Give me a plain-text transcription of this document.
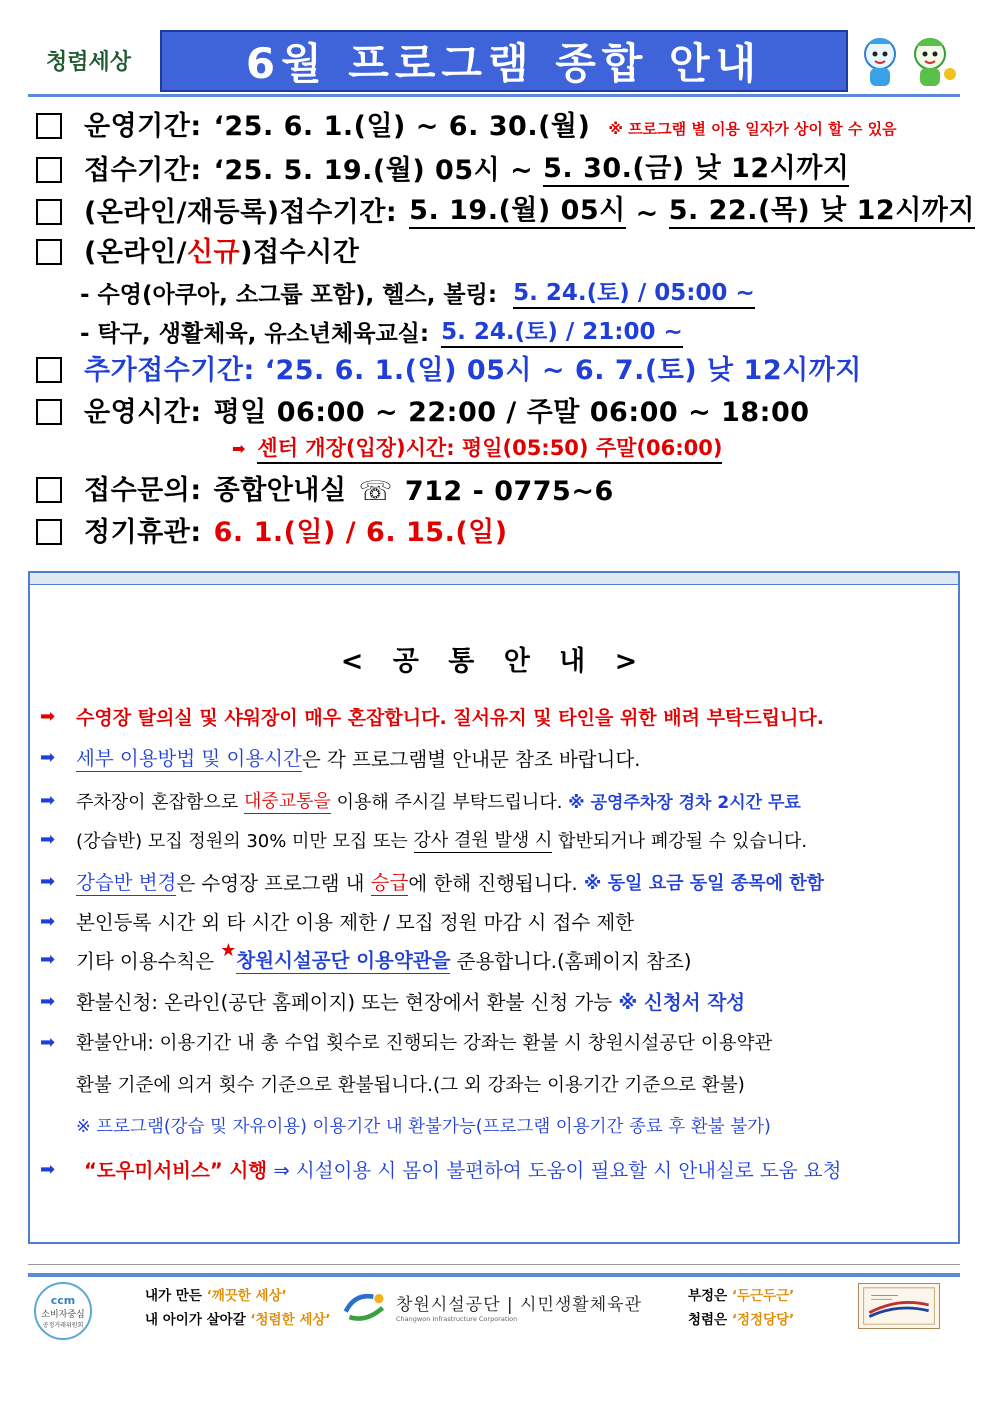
청렴세상	6월 프로그램 종합 안내
운영기간: ‘25. 6. 1.(일) ~ 6. 30.(월) ※ 프로그램 별 이용 일자가 상이 할 수 있음
접수기간: ‘25. 5. 19.(월) 05시 ~ 5. 30.(금) 낮 12시까지
(온라인/재등록)접수기간: 5. 19.(월) 05시 ~ 5. 22.(목) 낮 12시까지
(온라인/ 신규 )접수시간
- 수영(아쿠아, 소그룹 포함), 헬스, 볼링: 5. 24.(토) / 05:00 ~
- 탁구, 생활체육, 유소년체육교실: 5. 24.(토) / 21:00 ~
추가접수기간: ‘25. 6. 1.(일) 05시 ~ 6. 7.(토) 낮 12시까지
운영시간: 평일 06:00 ~ 22:00 / 주말 06:00 ~ 18:00
➡ 센터 개장(입장)시간: 평일(05:50) 주말(06:00)
접수문의: 종합안내실 ☏ 712 - 0775~6
정기휴관: 6. 1.(일) / 6. 15.(일)
< 공 통 안 내 >
➡	수영장 탈의실 및 샤워장이 매우 혼잡합니다. 질서유지 및 타인을 위한 배려 부탁드립니다.
➡	세부 이용방법 및 이용시간 은 각 프로그램별 안내문 참조 바랍니다.
➡	주차장이 혼잡함으로 대중교통을 이용해 주시길 부탁드립니다. ※ 공영주차장 경차 2시간 무료
➡	(강습반) 모집 정원의 30% 미만 모집 또는 강사 결원 발생 시 합반되거나 폐강될 수 있습니다.
➡	강습반 변경 은 수영장 프로그램 내 승급 에 한해 진행됩니다. ※ 동일 요금 동일 종목에 한함
➡	본인등록 시간 외 타 시간 이용 제한 / 모집 정원 마감 시 접수 제한
➡	기타 이용수칙은 ★ 창원시설공단 이용약관을 준용합니다.(홈페이지 참조)
➡	환불신청: 온라인(공단 홈페이지) 또는 현장에서 환불 신청 가능 ※ 신청서 작성
➡	환불안내: 이용기간 내 총 수업 횟수로 진행되는 강좌는 환불 시 창원시설공단 이용약관
환불 기준에 의거 횟수 기준으로 환불됩니다.(그 외 강좌는 이용기간 기준으로 환불)
※ 프로그램(강습 및 자유이용) 이용기간 내 환불가능(프로그램 이용기간 종료 후 환불 불가)
➡	“도우미서비스” 시행 ⇒ 시설이용 시 몸이 불편하여 도움이 필요할 시 안내실로 도움 요청
ccm
소비자중심
공정거래위원회
내가 만든 ‘깨끗한 세상’
내 아이가 살아갈 ‘청렴한 세상’
창원시설공단 | 시민생활체육관
Changwon Infrastructure Corporation
부정은 ‘두근두근’
청렴은 ‘정정당당’
